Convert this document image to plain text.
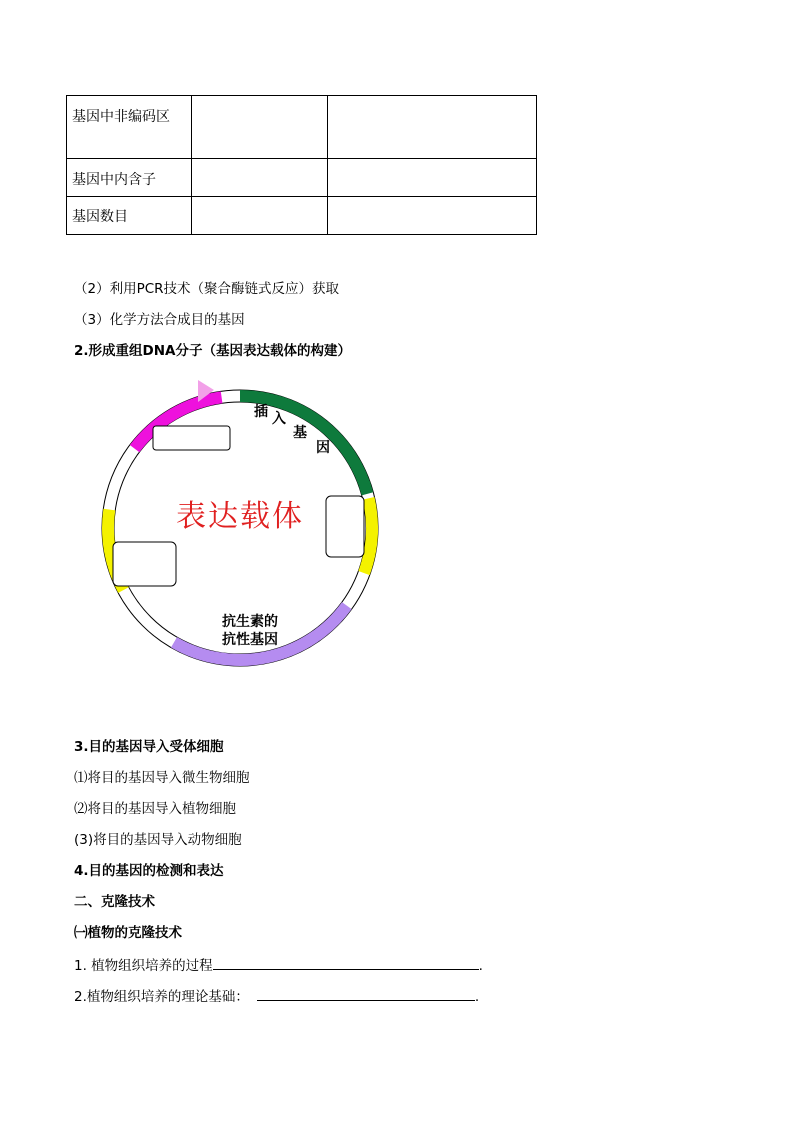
基因中非编码区		

基因中内含子		

基因数目		

（2）利用PCR技术（聚合酶链式反应）获取
（3）化学方法合成目的基因
2.形成重组DNA分子（基因表达载体的构建）
插 入
基
因
表达载体
抗生素的
抗性基因
3.目的基因导入受体细胞
⑴将目的基因导入微生物细胞
⑵将目的基因导入植物细胞
(3)将目的基因导入动物细胞
4.目的基因的检测和表达
二、克隆技术
㈠植物的克隆技术
1. 植物组织培养的过程	.
2.植物组织培养的理论基础：	.
